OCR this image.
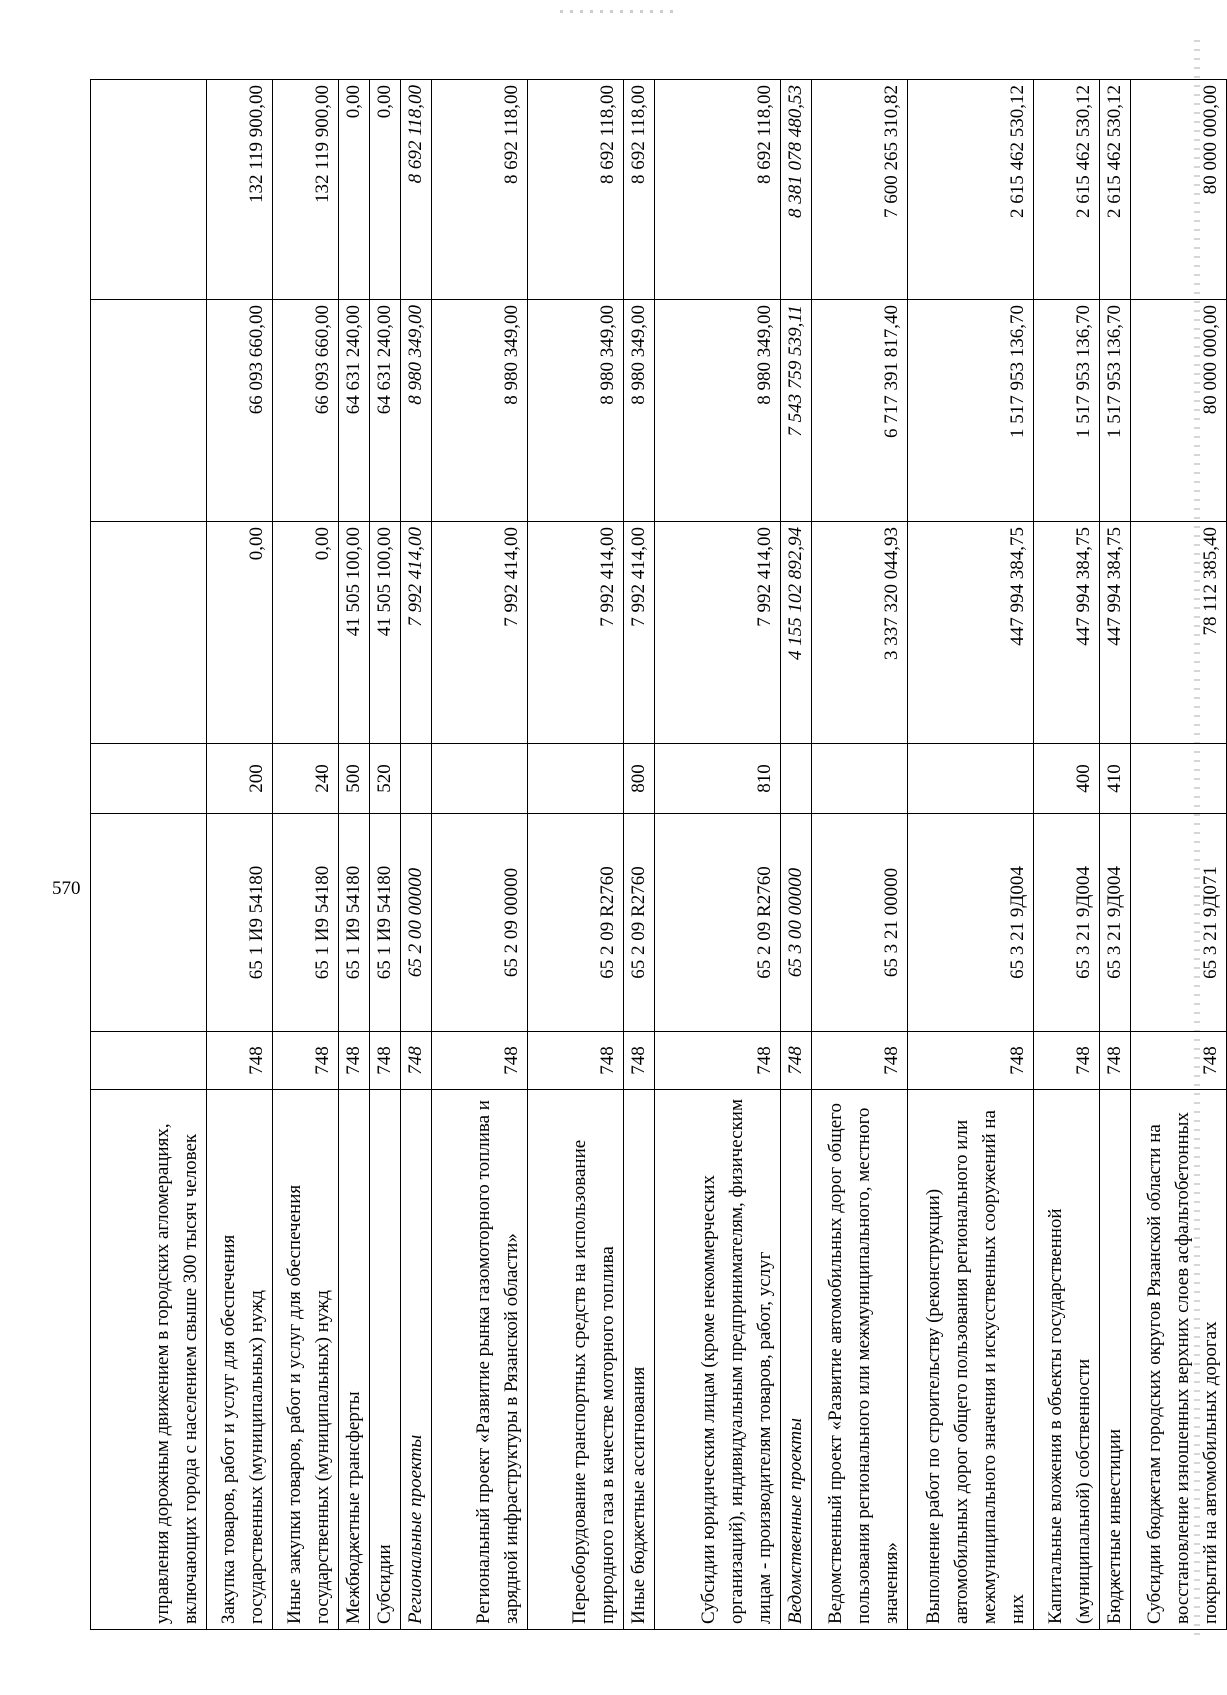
570
управления дорожным движением в городских агломерациях, включающих города с населением свыше 300 тысяч человек						
Закупка товаров, работ и услуг для обеспечения государственных (муниципальных) нужд	748	65 1 И9 54180	200	0,00	66 093 660,00	132 119 900,00
Иные закупки товаров, работ и услуг для обеспечения государственных (муниципальных) нужд	748	65 1 И9 54180	240	0,00	66 093 660,00	132 119 900,00
Межбюджетные трансферты	748	65 1 И9 54180	500	41 505 100,00	64 631 240,00	0,00
Субсидии	748	65 1 И9 54180	520	41 505 100,00	64 631 240,00	0,00
Региональные проекты	748	65 2 00 00000		7 992 414,00	8 980 349,00	8 692 118,00
Региональный проект «Развитие рынка газомоторного топлива и зарядной инфраструктуры в Рязанской области»	748	65 2 09 00000		7 992 414,00	8 980 349,00	8 692 118,00
Переоборудование транспортных средств на использование природного газа в качестве моторного топлива	748	65 2 09 R2760		7 992 414,00	8 980 349,00	8 692 118,00
Иные бюджетные ассигнования	748	65 2 09 R2760	800	7 992 414,00	8 980 349,00	8 692 118,00
Субсидии юридическим лицам (кроме некоммерческих организаций), индивидуальным предпринимателям, физическим лицам - производителям товаров, работ, услуг	748	65 2 09 R2760	810	7 992 414,00	8 980 349,00	8 692 118,00
Ведомственные проекты	748	65 3 00 00000		4 155 102 892,94	7 543 759 539,11	8 381 078 480,53
Ведомственный проект «Развитие автомобильных дорог общего пользования регионального или межмуниципального, местного значения»	748	65 3 21 00000		3 337 320 044,93	6 717 391 817,40	7 600 265 310,82
Выполнение работ по строительству (реконструкции) автомобильных дорог общего пользования регионального или межмуниципального значения и искусственных сооружений на них	748	65 3 21 9Д004		447 994 384,75	1 517 953 136,70	2 615 462 530,12
Капитальные вложения в объекты государственной (муниципальной) собственности	748	65 3 21 9Д004	400	447 994 384,75	1 517 953 136,70	2 615 462 530,12
Бюджетные инвестиции	748	65 3 21 9Д004	410	447 994 384,75	1 517 953 136,70	2 615 462 530,12
Субсидии бюджетам городских округов Рязанской области на восстановление изношенных верхних слоев асфальтобетонных покрытий на автомобильных дорогах	748	65 3 21 9Д071		78 112 385,40	80 000 000,00	80 000 000,00
